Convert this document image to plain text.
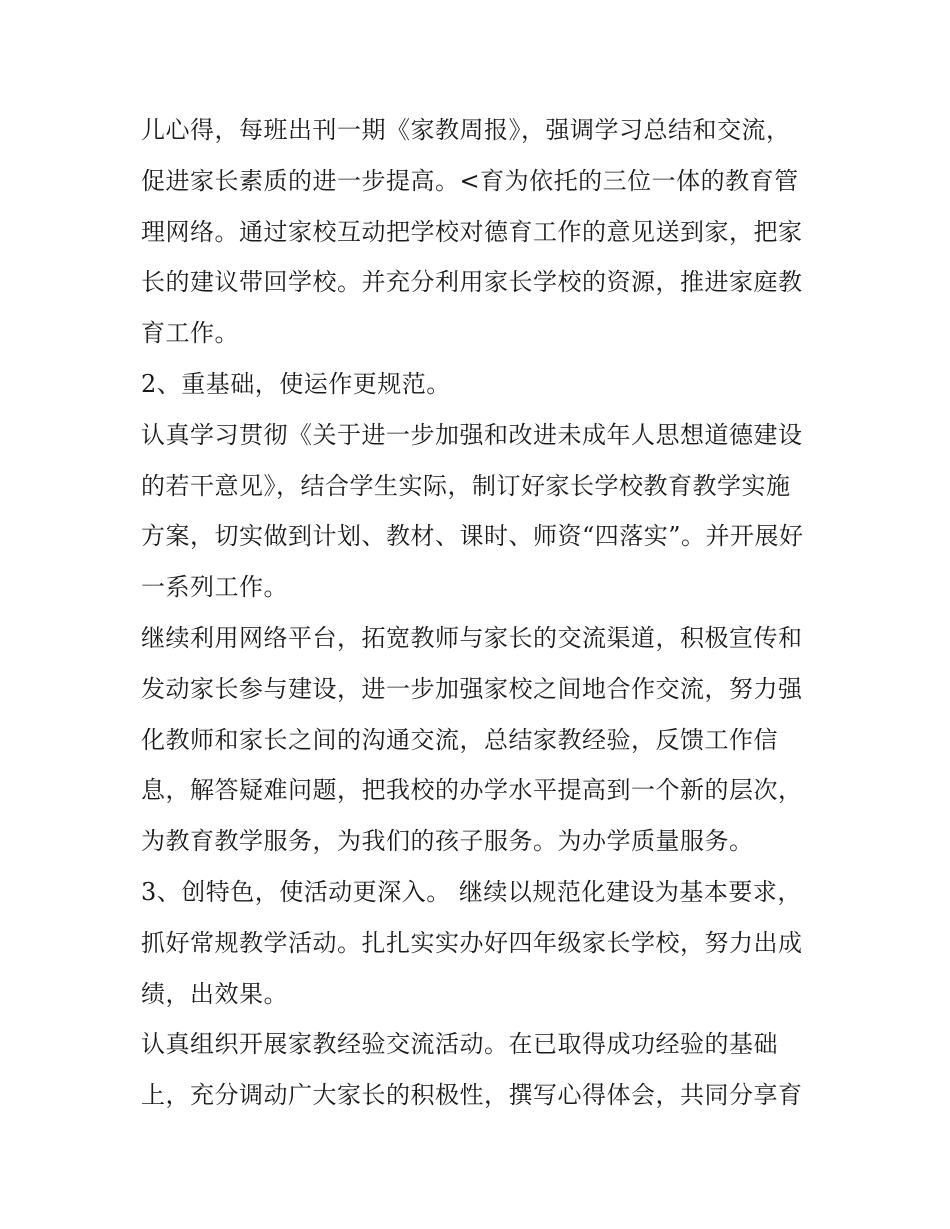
儿心得，每班出刊一期《家教周报》，强调学习总结和交流，
促进家长素质的进一步提高。<育为依托的三位一体的教育管
理网络。通过家校互动把学校对德育工作的意见送到家，把家
长的建议带回学校。并充分利用家长学校的资源，推进家庭教
育工作。
2、重基础，使运作更规范。
认真学习贯彻《关于进一步加强和改进未成年人思想道德建设
的若干意见》，结合学生实际，制订好家长学校教育教学实施
方案，切实做到计划、教材、课时、师资“四落实”。并开展好
一系列工作。
继续利用网络平台，拓宽教师与家长的交流渠道，积极宣传和
发动家长参与建设，进一步加强家校之间地合作交流，努力强
化教师和家长之间的沟通交流，总结家教经验，反馈工作信
息，解答疑难问题，把我校的办学水平提高到一个新的层次，
为教育教学服务，为我们的孩子服务。为办学质量服务。
3、创特色，使活动更深入。 继续以规范化建设为基本要求，
抓好常规教学活动。扎扎实实办好四年级家长学校，努力出成
绩，出效果。
认真组织开展家教经验交流活动。在已取得成功经验的基础
上，充分调动广大家长的积极性，撰写心得体会，共同分享育
